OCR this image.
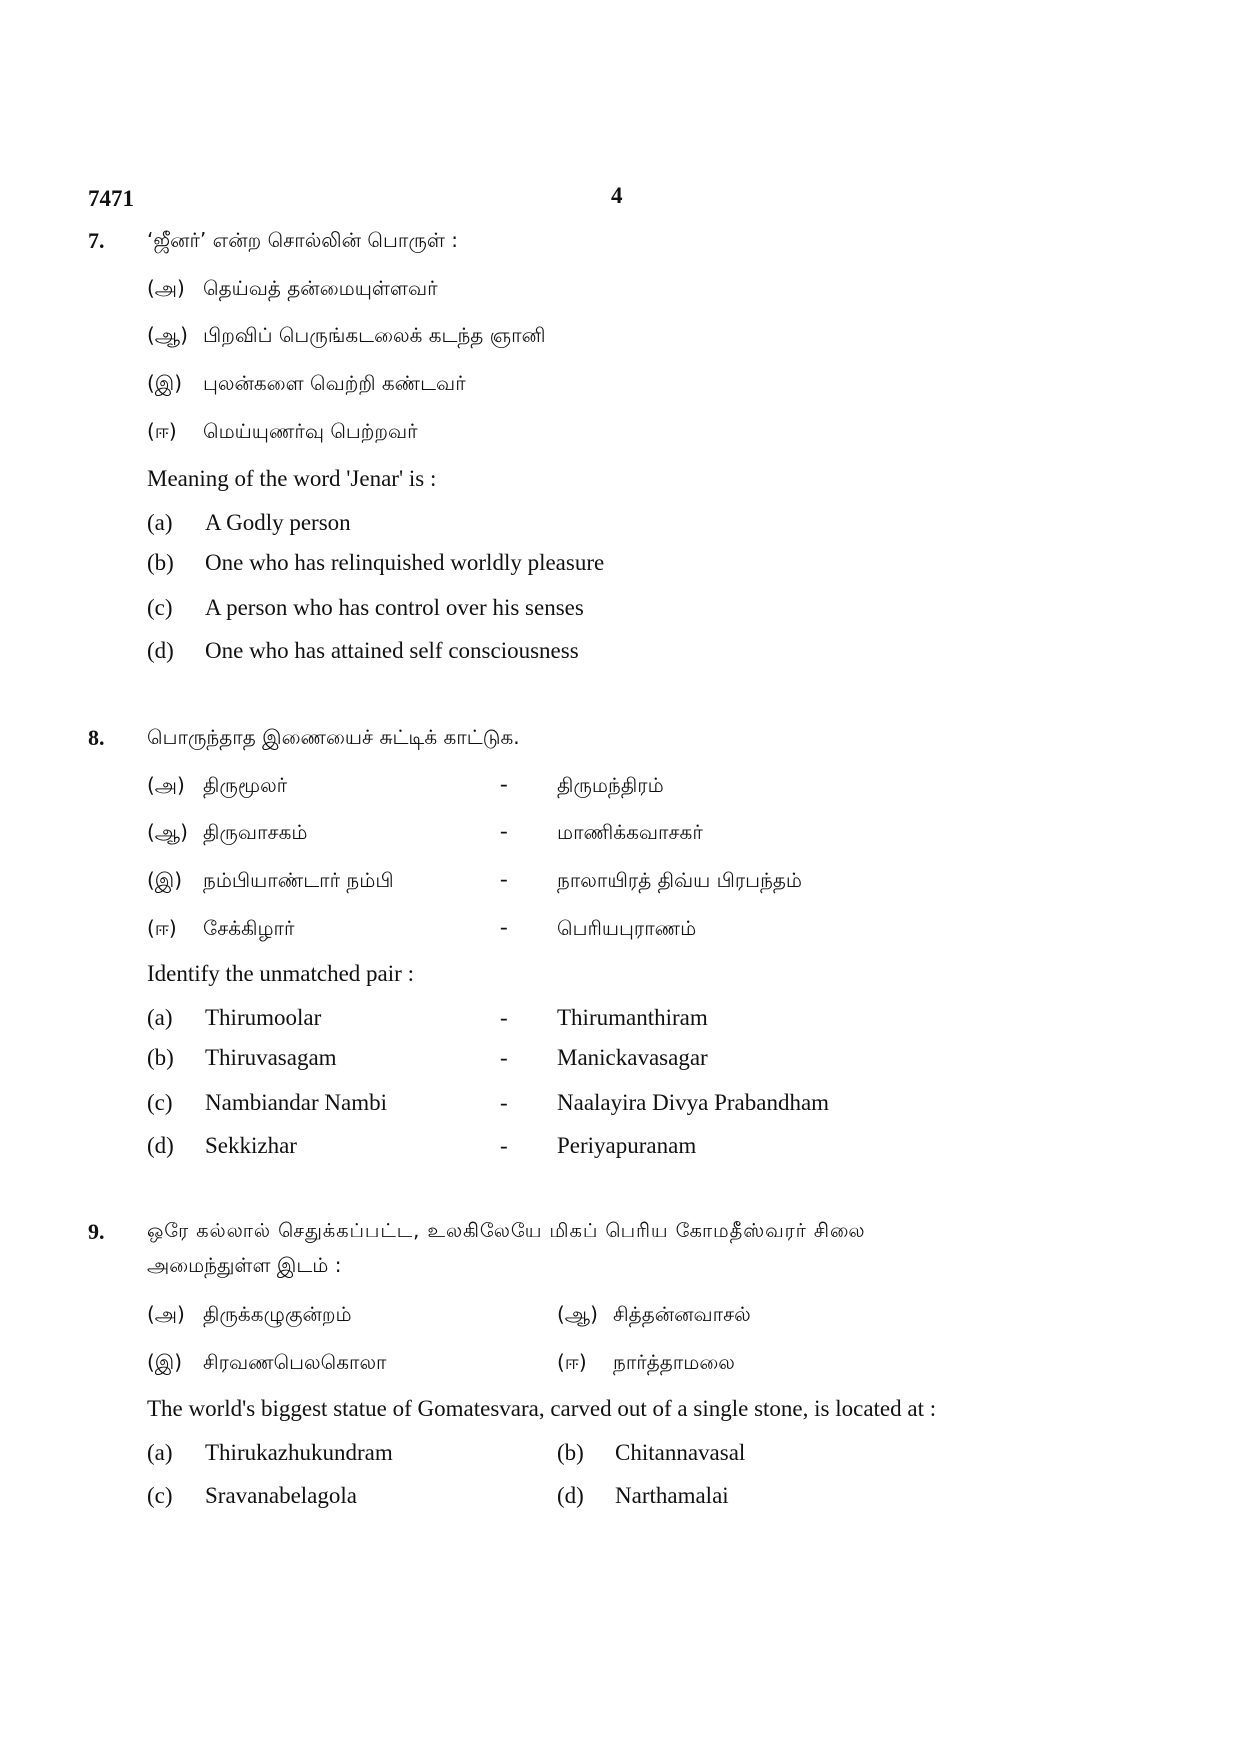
7471	4
7. ‘ஜீனர்’ என்ற சொல்லின் பொருள் :
(அ) தெய்வத் தன்மையுள்ளவர்
(ஆ) பிறவிப் பெருங்கடலைக் கடந்த ஞானி
(இ) புலன்களை வெற்றி கண்டவர்
(ஈ) மெய்யுணர்வு பெற்றவர்
Meaning of the word 'Jenar' is :
(a) A Godly person
(b) One who has relinquished worldly pleasure
(c) A person who has control over his senses
(d) One who has attained self consciousness
8. பொருந்தாத இணையைச் சுட்டிக் காட்டுக.
(அ) திருமூலர்	- திருமந்திரம்
(ஆ) திருவாசகம்	- மாணிக்கவாசகர்
(இ) நம்பியாண்டார் நம்பி	- நாலாயிரத் திவ்ய பிரபந்தம்
(ஈ) சேக்கிழார்	- பெரியபுராணம்
Identify the unmatched pair :
(a) Thirumoolar	- Thirumanthiram
(b) Thiruvasagam	- Manickavasagar
(c) Nambiandar Nambi	- Naalayira Divya Prabandham
(d) Sekkizhar	- Periyapuranam
9. ஒரே கல்லால் செதுக்கப்பட்ட, உலகிலேயே மிகப் பெரிய கோமதீஸ்வரர் சிலை
அமைந்துள்ள இடம் :
(அ) திருக்கழுகுன்றம்	(ஆ) சித்தன்னவாசல்
(இ) சிரவணபெலகொலா	(ஈ) நார்த்தாமலை
The world's biggest statue of Gomatesvara, carved out of a single stone, is located at :
(a) Thirukazhukundram	(b) Chitannavasal
(c) Sravanabelagola	(d) Narthamalai
